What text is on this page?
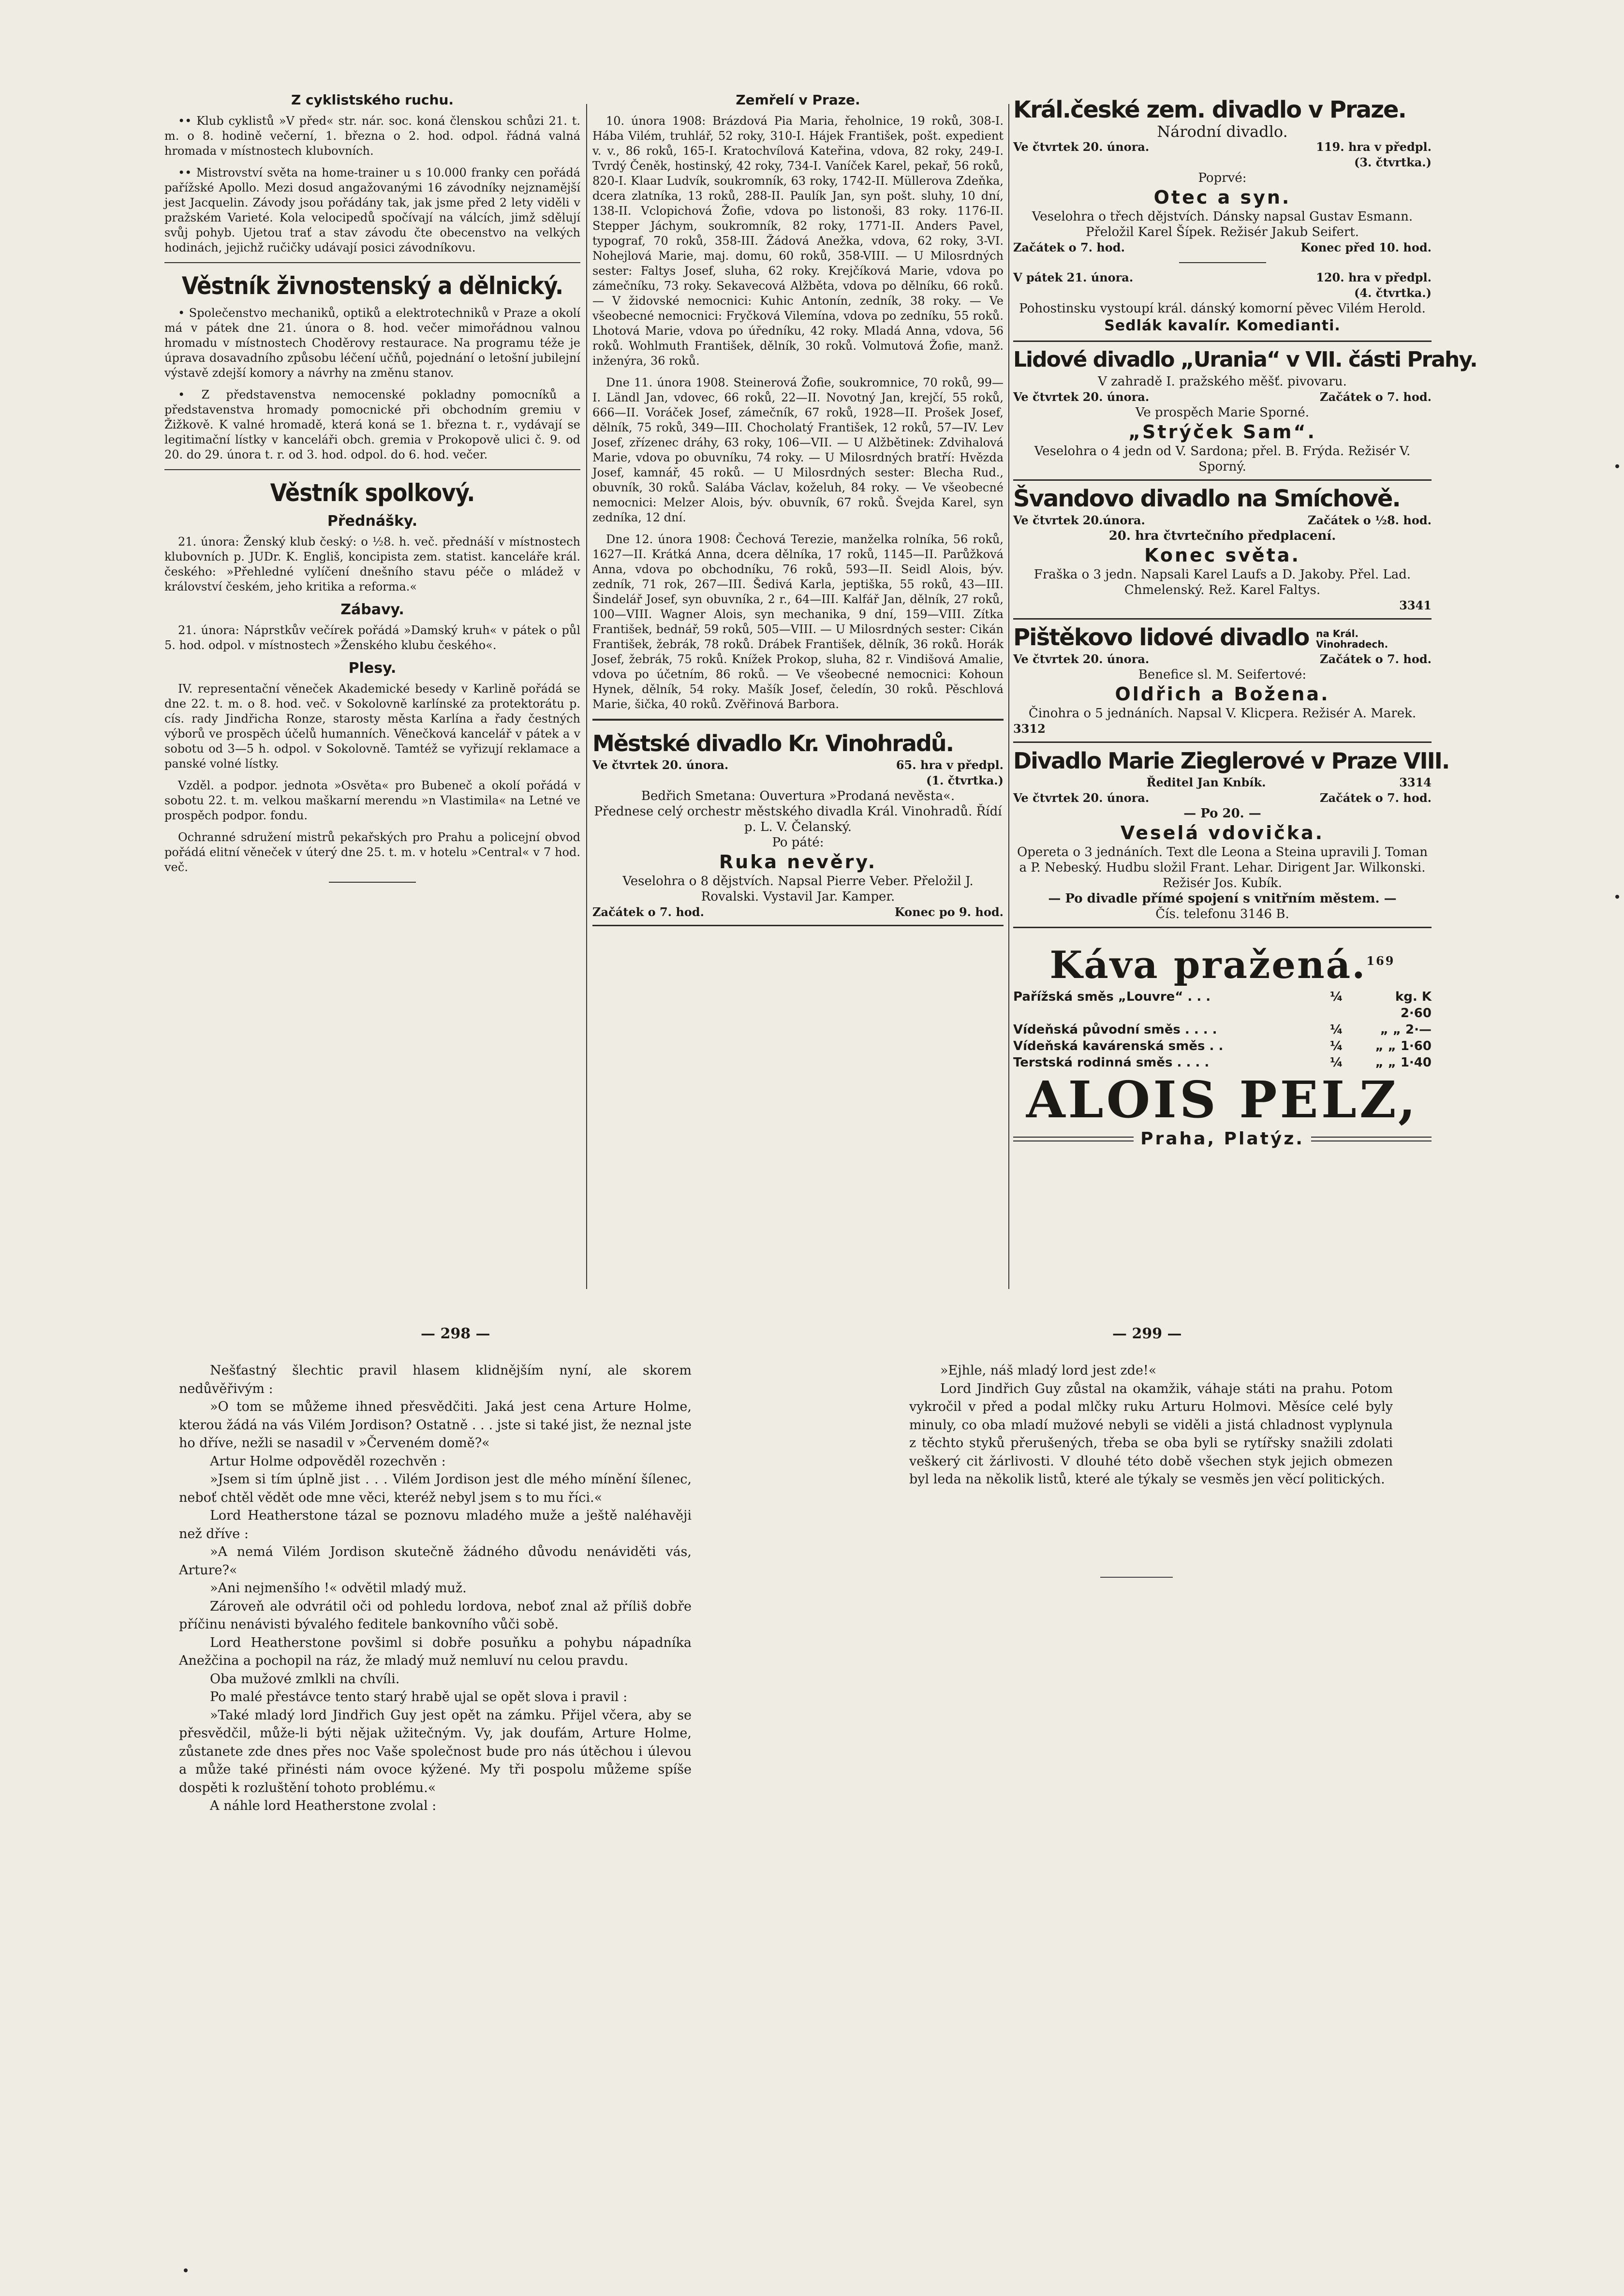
Z cyklistského ruchu.

•• Klub cyklistů »V před« str. nár. soc. koná členskou schůzi 21. t. m. o 8. hodině večerní, 1. března o 2. hod. odpol. řádná valná hromada v místnostech klubovních.

•• Mistrovství světa na home-trainer u s 10.000 franky cen pořádá pařížské Apollo. Mezi dosud angažovanými 16 závodníky nejznamější jest Jacquelin. Závody jsou pořádány tak, jak jsme před 2 lety viděli v pražském Varieté. Kola velocipedů spočívají na válcích, jimž sdělují svůj pohyb. Ujetou trať a stav závodu čte obecenstvo na velkých hodinách, jejichž ručičky udávají posici závodníkovu.

Věstník živnostenský a dělnický.

• Společenstvo mechaniků, optiků a elektrotechniků v Praze a okolí má v pátek dne 21. února o 8. hod. večer mimořádnou valnou hromadu v místnostech Choděrovy restaurace. Na programu téže je úprava dosavadního způsobu léčení učňů, pojednání o letošní jubilejní výstavě zdejší komory a návrhy na změnu stanov.

• Z představenstva nemocenské pokladny pomocníků a představenstva hromady pomocnické při obchodním gremiu v Žižkově. K valné hromadě, která koná se 1. března t. r., vydávají se legitimační lístky v kanceláři obch. gremia v Prokopově ulici č. 9. od 20. do 29. února t. r. od 3. hod. odpol. do 6. hod. večer.

Věstník spolkový.
Přednášky.

21. února: Ženský klub český: o ½8. h. več. přednáší v místnostech klubovních p. JUDr. K. Engliš, koncipista zem. statist. kanceláře král. českého: »Přehledné vylíčení dnešního stavu péče o mládež v království českém, jeho kritika a reforma.«

Zábavy.

21. února: Náprstkův večírek pořádá »Damský kruh« v pátek o půl 5. hod. odpol. v místnostech »Ženského klubu českého«.

Plesy.

IV. representační věneček Akademické besedy v Karlině pořádá se dne 22. t. m. o 8. hod. več. v Sokolovně karlínské za protektorátu p. cís. rady Jindřicha Ronze, starosty města Karlína a řady čestných výborů ve prospěch účelů humanních. Věnečková kancelář v pátek a v sobotu od 3—5 h. odpol. v Sokolovně. Tamtéž se vyřizují reklamace a panské volné lístky.

Vzděl. a podpor. jednota »Osvěta« pro Bubeneč a okolí pořádá v sobotu 22. t. m. velkou maškarní merendu »n Vlastimila« na Letné ve prospěch podpor. fondu.

Ochranné sdružení mistrů pekařských pro Prahu a policejní obvod pořádá elitní věneček v úterý dne 25. t. m. v hotelu »Central« v 7 hod. več.

Zemřelí v Praze.

10. února 1908: Brázdová Pia Maria, řeholnice, 19 roků, 308-I. Hába Vilém, truhlář, 52 roky, 310-I. Hájek František, pošt. expedient v. v., 86 roků, 165-I. Kratochvílová Kateřina, vdova, 82 roky, 249-I. Tvrdý Čeněk, hostinský, 42 roky, 734-I. Vaníček Karel, pekař, 56 roků, 820-I. Klaar Ludvík, soukromník, 63 roky, 1742-II. Müllerova Zdeňka, dcera zlatníka, 13 roků, 288-II. Paulík Jan, syn pošt. sluhy, 10 dní, 138-II. Vclopichová Žofie, vdova po listonoši, 83 roky. 1176-II. Stepper Jáchym, soukromník, 82 roky, 1771-II. Anders Pavel, typograf, 70 roků, 358-III. Žádová Anežka, vdova, 62 roky, 3-VI. Nohejlová Marie, maj. domu, 60 roků, 358-VIII. — U Milosrdných sester: Faltys Josef, sluha, 62 roky. Krejčíková Marie, vdova po zámečníku, 73 roky. Sekavecová Alžběta, vdova po dělníku, 66 roků. — V židovské nemocnici: Kuhic Antonín, zedník, 38 roky. — Ve všeobecné nemocnici: Fryčková Vilemína, vdova po zedníku, 55 roků. Lhotová Marie, vdova po úředníku, 42 roky. Mladá Anna, vdova, 56 roků. Wohlmuth František, dělník, 30 roků. Volmutová Žofie, manž. inženýra, 36 roků.

Dne 11. února 1908. Steinerová Žofie, soukromnice, 70 roků, 99—I. Ländl Jan, vdovec, 66 roků, 22—II. Novotný Jan, krejčí, 55 roků, 666—II. Voráček Josef, zámečník, 67 roků, 1928—II. Prošek Josef, dělník, 75 roků, 349—III. Chocholatý František, 12 roků, 57—IV. Lev Josef, zřízenec dráhy, 63 roky, 106—VII. — U Alžbětinek: Zdvihalová Marie, vdova po obuvníku, 74 roky. — U Milosrdných bratří: Hvězda Josef, kamnář, 45 roků. — U Milosrdných sester: Blecha Rud., obuvník, 30 roků. Salába Václav, koželuh, 84 roky. — Ve všeobecné nemocnici: Melzer Alois, býv. obuvník, 67 roků. Švejda Karel, syn zedníka, 12 dní.

Dne 12. února 1908: Čechová Terezie, manželka rolníka, 56 roků, 1627—II. Krátká Anna, dcera dělníka, 17 roků, 1145—II. Parůžková Anna, vdova po obchodníku, 76 roků, 593—II. Seidl Alois, býv. zedník, 71 rok, 267—III. Šedivá Karla, jeptiška, 55 roků, 43—III. Šindelář Josef, syn obuvníka, 2 r., 64—III. Kalfář Jan, dělník, 27 roků, 100—VIII. Wagner Alois, syn mechanika, 9 dní, 159—VIII. Zítka František, bednář, 59 roků, 505—VIII. — U Milosrdných sester: Cikán František, žebrák, 78 roků. Drábek František, dělník, 36 roků. Horák Josef, žebrák, 75 roků. Knížek Prokop, sluha, 82 r. Vindišová Amalie, vdova po účetním, 86 roků. — Ve všeobecné nemocnici: Kohoun Hynek, dělník, 54 roky. Mašík Josef, čeledín, 30 roků. Pěschlová Marie, šička, 40 roků. Zvěřinová Barbora.

Městské divadlo Kr. Vinohradů.
Ve čtvrtek 20. února.	65. hra v předpl.
(1. čtvrtka.)
Bedřich Smetana: Ouvertura »Prodaná nevěsta«.
Přednese celý orchestr městského divadla Král. Vinohradů. Řídí p. L. V. Čelanský.
Po páté:
Ruka nevěry.
Veselohra o 8 dějstvích. Napsal Pierre Veber. Přeložil J. Rovalski. Vystavil Jar. Kamper.
Začátek o 7. hod.	Konec po 9. hod.
Král.české zem. divadlo v Praze.
Národní divadlo.
Ve čtvrtek 20. února.	119. hra v předpl.
(3. čtvrtka.)
Poprvé:
Otec a syn.
Veselohra o třech dějstvích. Dánsky napsal Gustav Esmann. Přeložil Karel Šípek. Režisér Jakub Seifert.
Začátek o 7. hod.	Konec před 10. hod.
V pátek 21. února.	120. hra v předpl.
(4. čtvrtka.)
Pohostinsku vystoupí král. dánský komorní pěvec Vilém Herold.
Sedlák kavalír. Komedianti.
Lidové divadlo „Urania“ v VII. části Prahy.
V zahradě I. pražského měšť. pivovaru.
Ve čtvrtek 20. února.	Začátek o 7. hod.
Ve prospěch Marie Sporné.
„Strýček Sam“.
Veselohra o 4 jedn od V. Sardona; přel. B. Frýda. Režisér V. Sporný.
Švandovo divadlo na Smíchově.
Ve čtvrtek 20.února.	Začátek o ½8. hod.
20. hra čtvrtečního předplacení.
Konec světa.
Fraška o 3 jedn. Napsali Karel Laufs a D. Jakoby. Přel. Lad. Chmelenský. Rež. Karel Faltys.
3341
Pištěkovo lidové divadlo na Král. Vinohradech.
Ve čtvrtek 20. února.	Začátek o 7. hod.
Benefice sl. M. Seifertové:
Oldřich a Božena.
Činohra o 5 jednáních. Napsal V. Klicpera. Režisér A. Marek.
3312
Divadlo Marie Zieglerové v Praze VIII.
Ředitel Jan Knbík.	3314
Ve čtvrtek 20. února.	Začátek o 7. hod.
— Po 20. —
Veselá vdovička.
Opereta o 3 jednáních. Text dle Leona a Steina upravili J. Toman a P. Nebeský. Hudbu složil Frant. Lehar. Dirigent Jar. Wilkonski. Režisér Jos. Kubík.
— Po divadle přímé spojení s vnitřním městem. —
Čís. telefonu 3146 B.
Káva pražená.$^{169}$
Pařížská směs „Louvre“ . . .	¼	kg. K 2·60
Vídeňská původní směs . . . .	¼	„ „ 2·—
Vídeňská kavárenská směs . .	¼	„ „ 1·60
Terstská rodinná směs . . . .	¼	„ „ 1·40
ALOIS PELZ,
Praha, Platýz.
— 298 —	— 299 —

Nešťastný šlechtic pravil hlasem klidnějším nyní, ale skorem nedůvěřivým :

»O tom se můžeme ihned přesvědčiti. Jaká jest cena Arture Holme, kterou žádá na vás Vilém Jordison? Ostatně . . . jste si také jist, že neznal jste ho dříve, nežli se nasadil v »Červeném domě?«

Artur Holme odpověděl rozechvěn :

»Jsem si tím úplně jist . . . Vilém Jordison jest dle mého mínění šílenec, neboť chtěl vědět ode mne věci, kteréž nebyl jsem s to mu říci.«

Lord Heatherstone tázal se poznovu mladého muže a ještě naléhavěji než dříve :

»A nemá Vilém Jordison skutečně žádného důvodu nenáviděti vás, Arture?«

»Ani nejmenšího !« odvětil mladý muž.

Zároveň ale odvrátil oči od pohledu lordova, neboť znal až příliš dobře příčinu nenávisti bývalého feditele bankovního vůči sobě.

Lord Heatherstone povšiml si dobře posuňku a pohybu nápadníka Anežčina a pochopil na ráz, že mladý muž nemluví nu celou pravdu.

Oba mužové zmlkli na chvíli.

Po malé přestávce tento starý hrabě ujal se opět slova i pravil :

»Také mladý lord Jindřich Guy jest opět na zámku. Přijel včera, aby se přesvědčil, může-li býti nějak užitečným. Vy, jak doufám, Arture Holme, zůstanete zde dnes přes noc Vaše společnost bude pro nás útěchou i úlevou a může také přinésti nám ovoce kýžené. My tři pospolu můžeme spíše dospěti k rozluštění tohoto problému.«

A náhle lord Heatherstone zvolal :

»Ejhle, náš mladý lord jest zde!«

Lord Jindřich Guy zůstal na okamžik, váhaje státi na prahu. Potom vykročil v před a podal mlčky ruku Arturu Holmovi. Měsíce celé byly minuly, co oba mladí mužové nebyli se viděli a jistá chladnost vyplynula z těchto styků přerušených, třeba se oba byli se rytířsky snažili zdolati veškerý cit žárlivosti. V dlouhé této době všechen styk jejich obmezen byl leda na několik listů, které ale týkaly se vesměs jen věcí politických.
